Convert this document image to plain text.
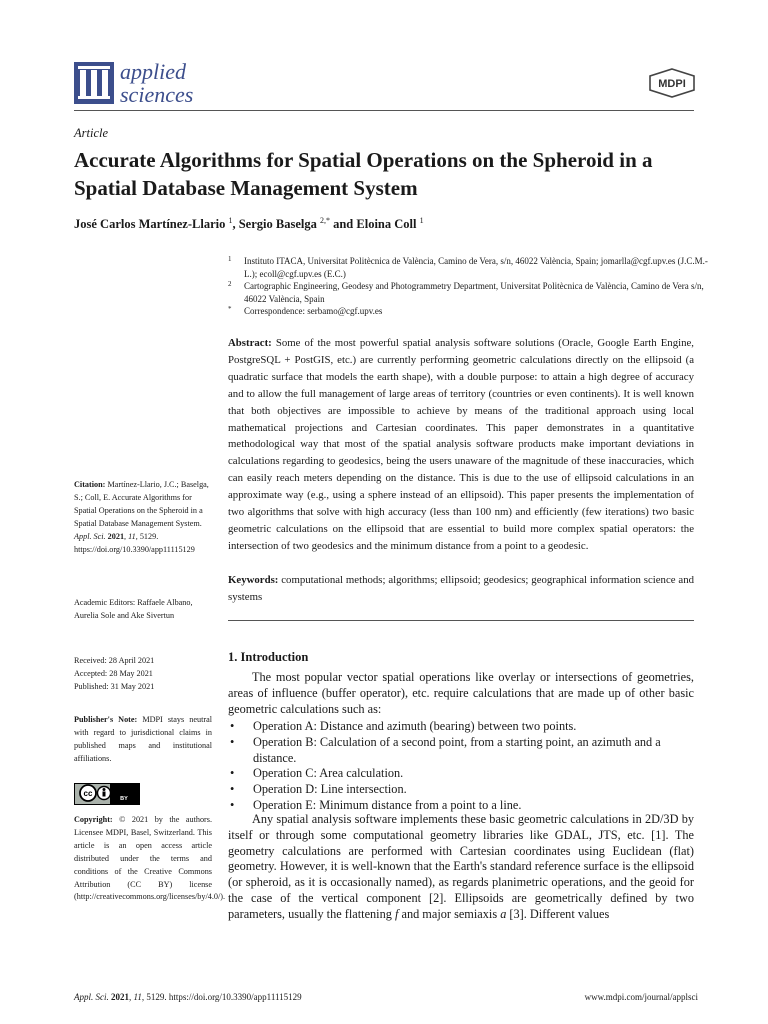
applied
sciences	MDPI
Article
Accurate Algorithms for Spatial Operations on the Spheroid in a Spatial Database Management System
José Carlos Martínez-Llario $^1$, Sergio Baselga $^{2,*}$ and Eloina Coll $^1$
1 Instituto ITACA, Universitat Politècnica de València, Camino de Vera, s/n, 46022 València, Spain; jomarlla@cgf.upv.es (J.C.M.-L.); ecoll@cgf.upv.es (E.C.)
2 Cartographic Engineering, Geodesy and Photogrammetry Department, Universitat Politècnica de València, Camino de Vera s/n, 46022 València, Spain
* Correspondence: serbamo@cgf.upv.es

Abstract: Some of the most powerful spatial analysis software solutions (Oracle, Google Earth Engine, PostgreSQL + PostGIS, etc.) are currently performing geometric calculations directly on the ellipsoid (a quadratic surface that models the earth shape), with a double purpose: to attain a high degree of accuracy and to allow the full management of large areas of territory (countries or even continents). It is well known that both objectives are impossible to achieve by means of the traditional approach using local mathematical projections and Cartesian coordinates. This paper demonstrates in a quantitative methodological way that most of the spatial analysis software products make important deviations in calculations regarding to geodesics, being the users unaware of the magnitude of these inaccuracies, which can easily reach meters depending on the distance. This is due to the use of ellipsoid calculations in an approximate way (e.g., using a sphere instead of an ellipsoid). This paper presents the implementation of two algorithms that solve with high accuracy (less than 100 nm) and efficiently (few iterations) two basic geometric calculations on the ellipsoid that are essential to build more complex spatial operators: the intersection of two geodesics and the minimum distance from a point to a geodesic.

Keywords: computational methods; algorithms; ellipsoid; geodesics; geographical information science and systems

Citation: Martínez-Llario, J.C.; Baselga, S.; Coll, E. Accurate Algorithms for Spatial Operations on the Spheroid in a Spatial Database Management System. Appl. Sci. 2021, 11, 5129. https://doi.org/10.3390/app11115129

Academic Editors: Raffaele Albano, Aurelia Sole and Ake Sivertun

Received: 28 April 2021
Accepted: 28 May 2021
Published: 31 May 2021

Publisher's Note: MDPI stays neutral with regard to jurisdictional claims in published maps and institutional affiliations.

cc
BY

Copyright: © 2021 by the authors. Licensee MDPI, Basel, Switzerland. This article is an open access article distributed under the terms and conditions of the Creative Commons Attribution (CC BY) license (http://creativecommons.org/licenses/by/4.0/).

1. Introduction

The most popular vector spatial operations like overlay or intersections of geometries, areas of influence (buffer operator), etc. require calculations that are made up of other basic geometric calculations such as:

• Operation A: Distance and azimuth (bearing) between two points.
• Operation B: Calculation of a second point, from a starting point, an azimuth and a distance.
• Operation C: Area calculation.
• Operation D: Line intersection.
• Operation E: Minimum distance from a point to a line.

Any spatial analysis software implements these basic geometric calculations in 2D/3D by itself or through some computational geometry libraries like GDAL, JTS, etc. [1]. The geometry calculations are performed with Cartesian coordinates using Euclidean (flat) geometry. However, it is well-known that the Earth's standard reference surface is the ellipsoid (or spheroid, as it is occasionally named), as regards planimetric operations, and the geoid for the case of the vertical component [2]. Ellipsoids are geometrically defined by two parameters, usually the flattening f and major semiaxis a [3]. Different values

Appl. Sci. 2021, 11, 5129. https://doi.org/10.3390/app11115129	www.mdpi.com/journal/applsci
